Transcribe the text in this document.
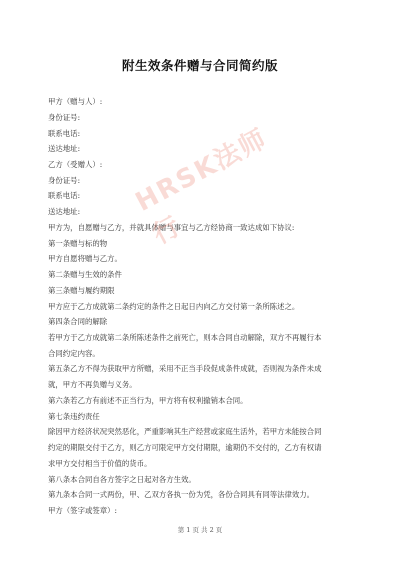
附生效条件赠与合同简约版
甲方（赠与人）:
身份证号:
联系电话:
送达地址:
乙方（受赠人）:
身份证号:
联系电话:
送达地址:
甲方为，自愿赠与乙方，并就具体赠与事宜与乙方经协商一致达成如下协议:
第一条赠与标的物
甲方自愿将赠与乙方。
第二条赠与生效的条件
第三条赠与履约期限
甲方应于乙方成就第二条约定的条件之日起日内向乙方交付第一条所陈述之。
第四条合同的解除
若甲方于乙方成就第二条所陈述条件之前死亡，则本合同自动解除，双方不再履行本
合同约定内容。
第五条乙方不得为获取甲方所赠，采用不正当手段促成条件成就，否则视为条件未成
就，甲方不再负赠与义务。
第六条若乙方有前述不正当行为，甲方将有权利撤销本合同。
第七条违约责任
除因甲方经济状况突然恶化，严重影响其生产经营或家庭生活外，若甲方未能按合同
约定的期限交付于乙方，则乙方可限定甲方交付期限，逾期仍不交付的，乙方有权请
求甲方交付相当于价值的货币。
第八条本合同自各方签字之日起对各方生效。
HRSK法师行
第 1 页 共 2 页
第九条本合同一式两份，甲、乙双方各执一份为凭，各份合同具有同等法律效力。
甲方（签字或签章）:
